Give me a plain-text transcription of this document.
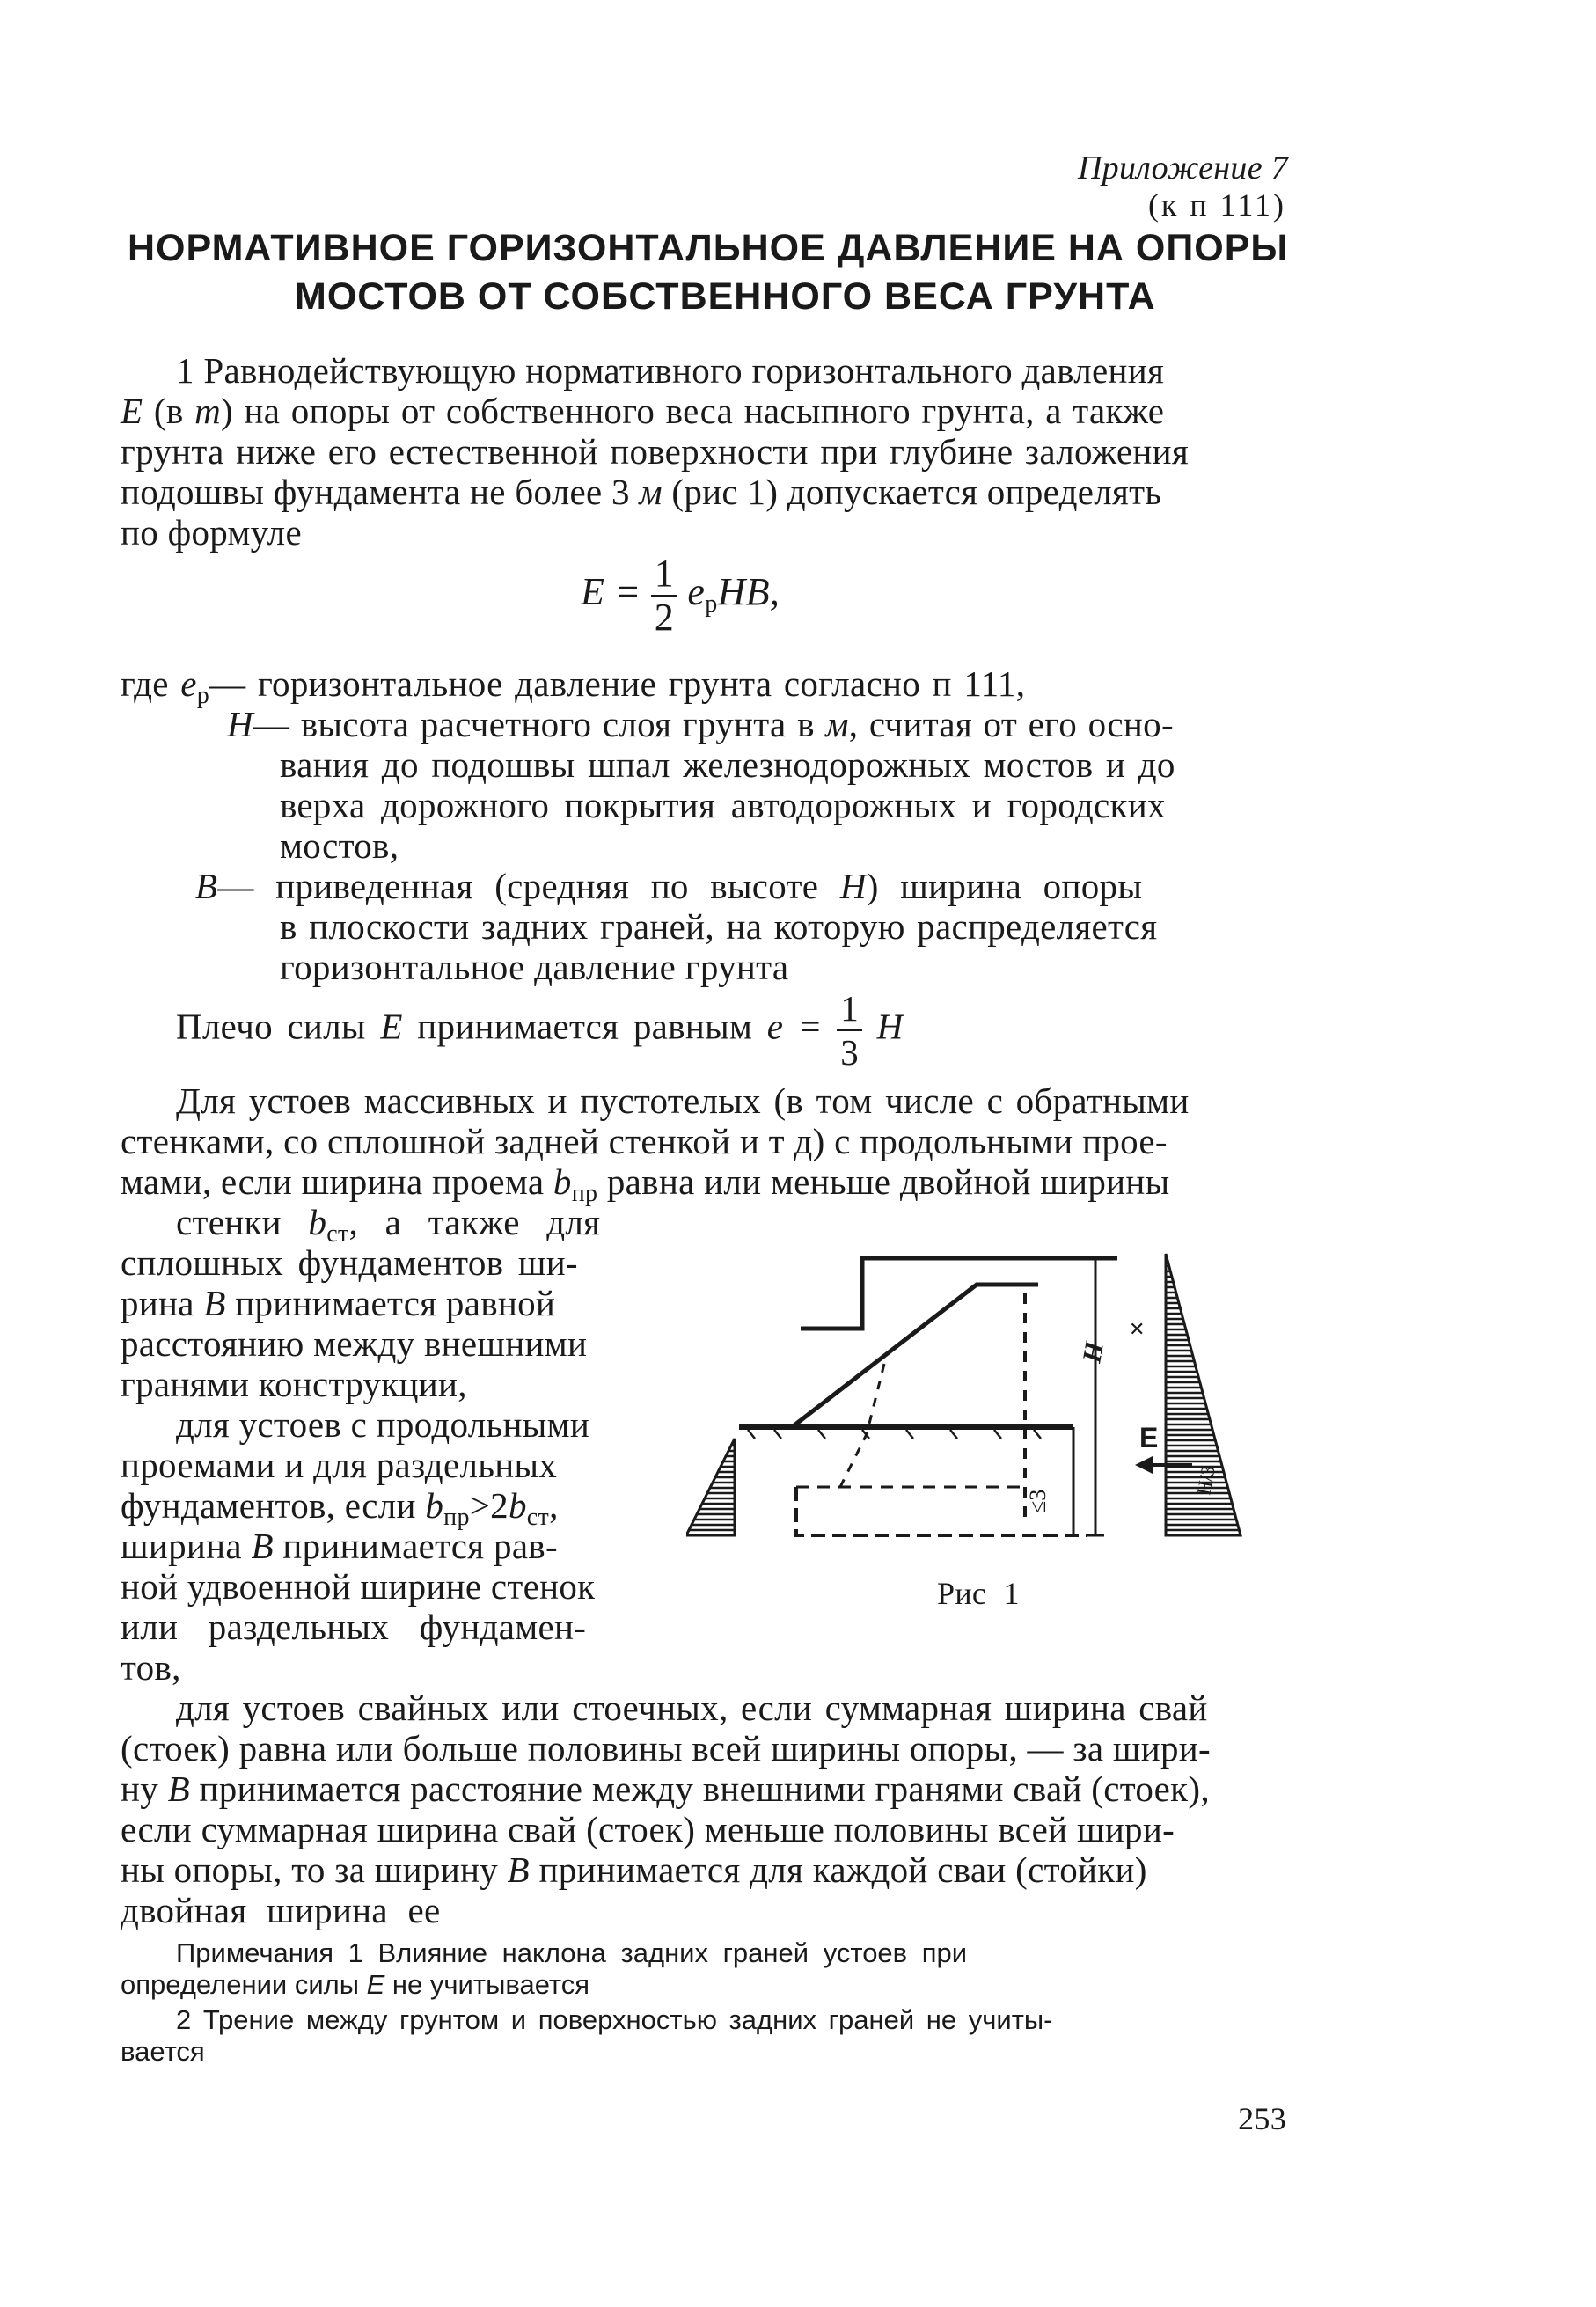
Приложение 7
(к п 111)
НОРМАТИВНОЕ ГОРИЗОНТАЛЬНОЕ ДАВЛЕНИЕ НА ОПОРЫ
МОСТОВ ОТ СОБСТВЕННОГО ВЕСА ГРУНТА
1 Равнодействующую нормативного горизонтального давления
E (в т) на опоры от собственного веса насыпного грунта, а также
грунта ниже его естественной поверхности при глубине заложения
подошвы фундамента не более 3 м (рис 1) допускается определять
по формуле
$E = \frac{1}{2} e_рHB$,
где $e_р—$ горизонтальное давление грунта согласно п 111,
H— высота расчетного слоя грунта в м, считая от его осно-
вания до подошвы шпал железнодорожных мостов и до
верха дорожного покрытия автодорожных и городских
мостов,
B— приведенная (средняя по высоте H) ширина опоры
в плоскости задних граней, на которую распределяется
горизонтальное давление грунта
Плечо силы E принимается равным $e = \frac{1}{3}$ H
Для устоев массивных и пустотелых (в том числе с обратными
стенками, со сплошной задней стенкой и т д) с продольными прое-
мами, если ширина проема $b_{пр}$ равна или меньше двойной ширины
стенки $b_{ст}$, а также для
сплошных фундаментов ши-
рина B принимается равной
расстоянию между внешними
гранями конструкции,
для устоев с продольными
проемами и для раздельных
фундаментов, если $b_{пр}>2b_{ст}$,
ширина B принимается рав-
ной удвоенной ширине стенок
или раздельных фундамен-
тов,
H
≤3
✕
E
H/3
Рис 1
для устоев свайных или стоечных, если суммарная ширина свай
(стоек) равна или больше половины всей ширины опоры, — за шири-
ну B принимается расстояние между внешними гранями свай (стоек),
если суммарная ширина свай (стоек) меньше половины всей шири-
ны опоры, то за ширину B принимается для каждой сваи (стойки)
двойная ширина ее
Примечания 1 Влияние наклона задних граней устоев при
определении силы E не учитывается
2 Трение между грунтом и поверхностью задних граней не учиты-
вается
253
